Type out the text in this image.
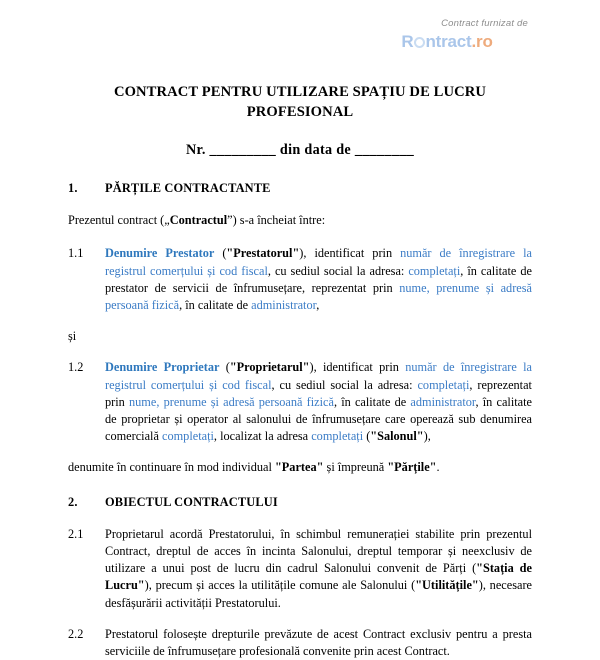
Contract furnizat de
R ntract.ro
CONTRACT PENTRU UTILIZARE SPAȚIU DE LUCRU PROFESIONAL
Nr. _________ din data de ________
1.	PĂRȚILE CONTRACTANTE
Prezentul contract („Contractul”) s-a încheiat între:
1.1	Denumire Prestator ("Prestatorul"), identificat prin număr de înregistrare la registrul comerțului și cod fiscal, cu sediul social la adresa: completați, în calitate de prestator de servicii de înfrumusețare, reprezentat prin nume, prenume și adresă persoană fizică, în calitate de administrator,
și
1.2	Denumire Proprietar ("Proprietarul"), identificat prin număr de înregistrare la registrul comerțului și cod fiscal, cu sediul social la adresa: completați, reprezentat prin nume, prenume și adresă persoană fizică, în calitate de administrator, în calitate de proprietar și operator al salonului de înfrumusețare care operează sub denumirea comercială completați, localizat la adresa completați ("Salonul"),
denumite în continuare în mod individual "Partea" și împreună "Părțile".
2.	OBIECTUL CONTRACTULUI
2.1	Proprietarul acordă Prestatorului, în schimbul remunerației stabilite prin prezentul Contract, dreptul de acces în incinta Salonului, dreptul temporar și neexclusiv de utilizare a unui post de lucru din cadrul Salonului convenit de Părți ("Stația de Lucru"), precum și acces la utilitățile comune ale Salonului ("Utilitățile"), necesare desfășurării activității Prestatorului.
2.2	Prestatorul folosește drepturile prevăzute de acest Contract exclusiv pentru a presta serviciile de înfrumusețare profesională convenite prin acest Contract.
